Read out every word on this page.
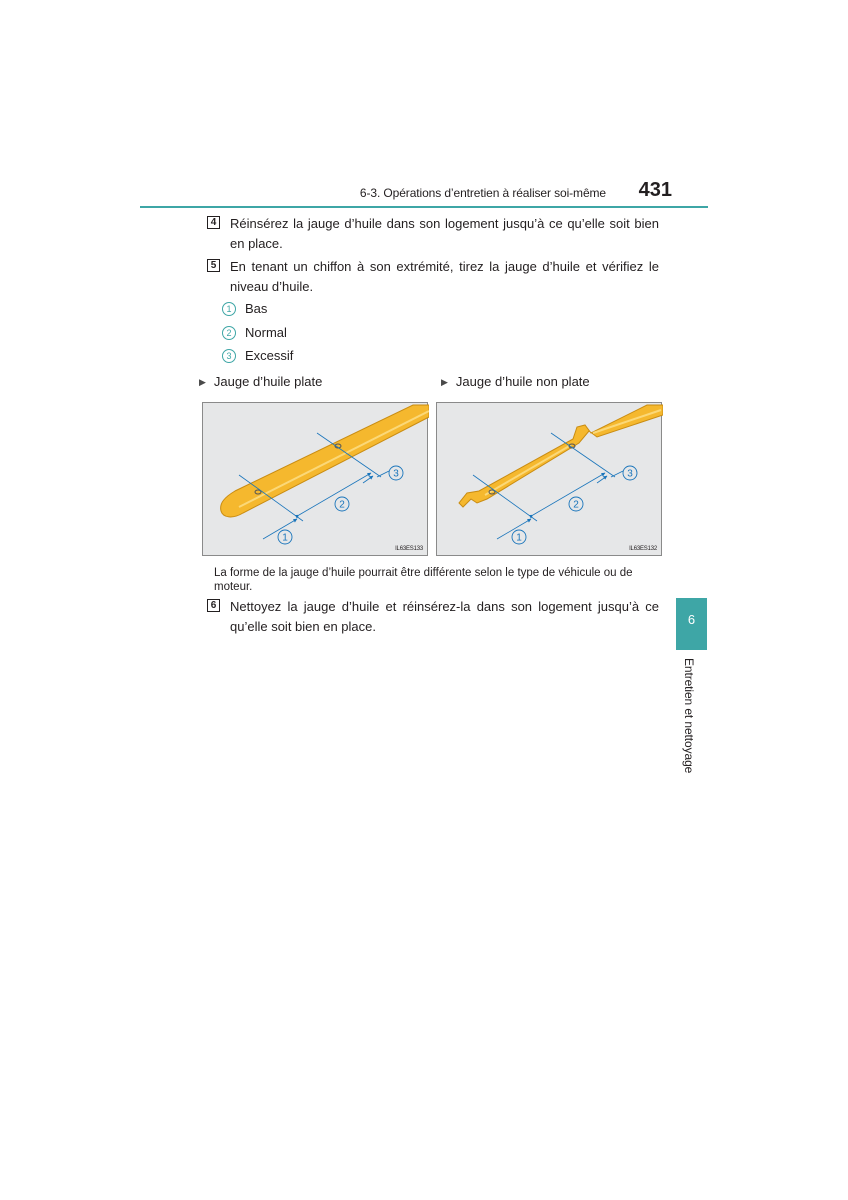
6-3. Opérations d’entretien à réaliser soi-même	431
4 Réinsérez la jauge d’huile dans son logement jusqu’à ce qu’elle soit bien en place.
5 En tenant un chiffon à son extrémité, tirez la jauge d’huile et vérifiez le niveau d’huile.
1 Bas
2 Normal
3 Excessif
▶ Jauge d’huile plate	▶ Jauge d’huile non plate
1
2
3
IL63ES133
1
2
3
IL63ES132
La forme de la jauge d’huile pourrait être différente selon le type de véhicule ou de moteur.
6 Nettoyez la jauge d’huile et réinsérez-la dans son logement jusqu’à ce qu’elle soit bien en place.	6
Entretien et nettoyage
